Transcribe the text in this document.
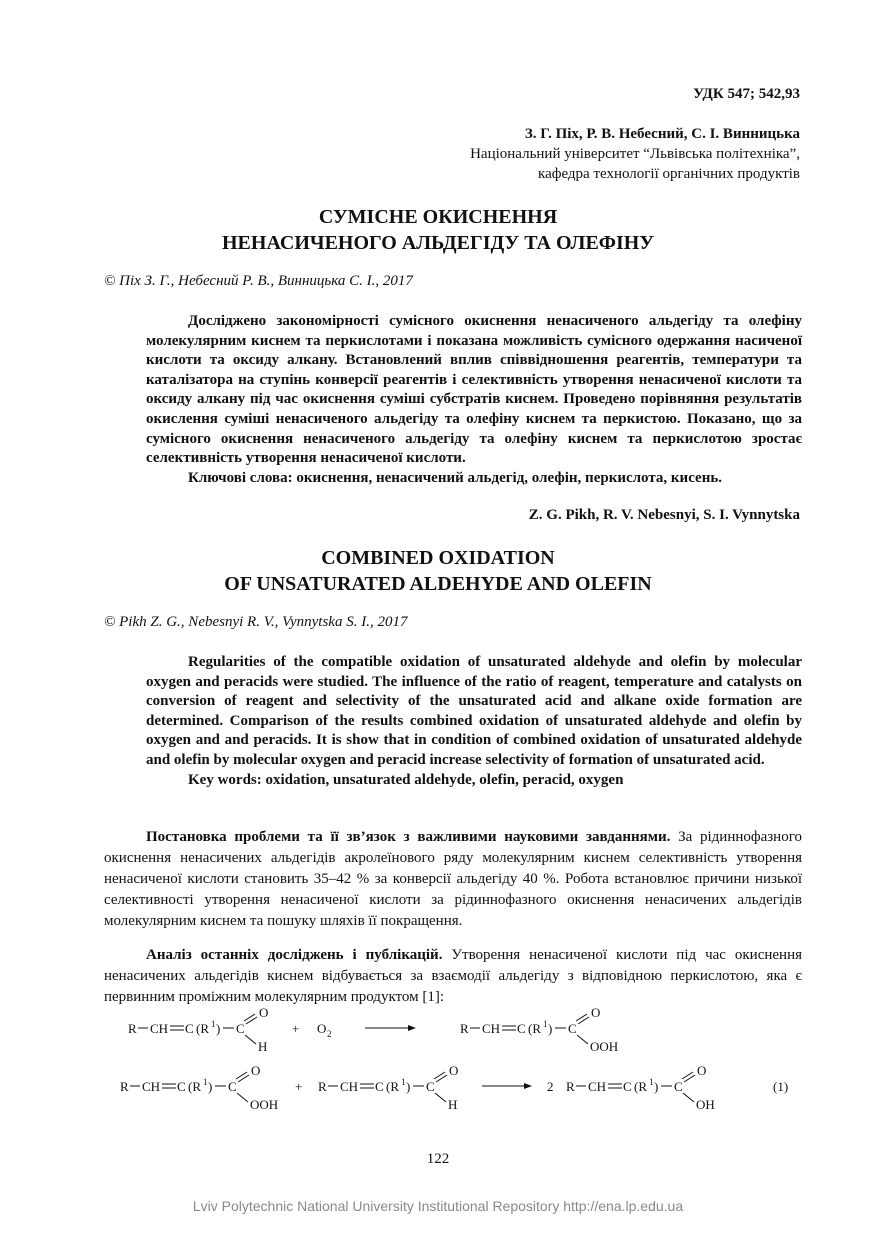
УДК 547; 542,93
З. Г. Піх, Р. В. Небесний, С. І. Винницька
Національний університет “Львівська політехніка”,
кафедра технології органічних продуктів
СУМІСНЕ ОКИСНЕННЯ
НЕНАСИЧЕНОГО АЛЬДЕГІДУ ТА ОЛЕФІНУ
© Піх З. Г., Небесний Р. В., Винницька С. І., 2017

Досліджено закономірності сумісного окиснення ненасиченого альдегіду та олефіну молекулярним киснем та перкислотами і показана можливість сумісного одержання насиченої кислоти та оксиду алкану. Встановлений вплив співвідношення реагентів, температури та каталізатора на ступінь конверсії реагентів і селективність утворення ненасиченої кислоти та оксиду алкану під час окиснення суміші субстратів киснем. Проведено порівняння результатів окислення суміші ненасиченого альдегіду та олефіну киснем та перкистою. Показано, що за сумісного окиснення ненасиченого альдегіду та олефіну киснем та перкислотою зростає селективність утворення ненасиченої кислоти.

Ключові слова: окиснення, ненасичений альдегід, олефін, перкислота, кисень.

Z. G. Pikh, R. V. Nebesnyi, S. I. Vynnytska
COMBINED OXIDATION
OF UNSATURATED ALDEHYDE AND OLEFIN
© Pikh Z. G., Nebesnyi R. V., Vynnytska S. I., 2017

Regularities of the compatible oxidation of unsaturated aldehyde and olefin by molecular oxygen and peracids were studied. The influence of the ratio of reagent, temperature and catalysts on conversion of reagent and selectivity of the unsaturated acid and alkane oxide formation are determined. Comparison of the results combined oxidation of unsaturated aldehyde and olefin by oxygen and and peracids. It is show that in condition of combined oxidation of unsaturated aldehyde and olefin by molecular oxygen and peracid increase selectivity of formation of unsaturated acid.

Key words: oxidation, unsaturated aldehyde, olefin, peracid, oxygen

Постановка проблеми та її зв’язок з важливими науковими завданнями. За рідиннофазного окиснення ненасичених альдегідів акролеїнового ряду молекулярним киснем селективність утворення ненасиченої кислоти становить 35–42 % за конверсії альдегіду 40 %. Робота встановлює причини низької селективності утворення ненасиченої кислоти за рідиннофазного окиснення ненасичених альдегідів молекулярним киснем та пошуку шляхів її покращення.

Аналіз останніх досліджень і публікацій. Утворення ненасиченої кислоти під час окиснення ненасичених альдегідів киснем відбувається за взаємодії альдегіду з відповідною перкислотою, яка є первинним проміжним молекулярним продуктом [1]:

R CH C (R 1 ) C
O
H
+ O 2	R CH C (R 1 ) C
O
OOH
R CH C (R 1 ) C
O
OOH
+ R CH C (R 1 ) C
O
H
2 R CH C (R 1 ) C
O
OH
(1)
122
Lviv Polytechnic National University Institutional Repository http://ena.lp.edu.ua
